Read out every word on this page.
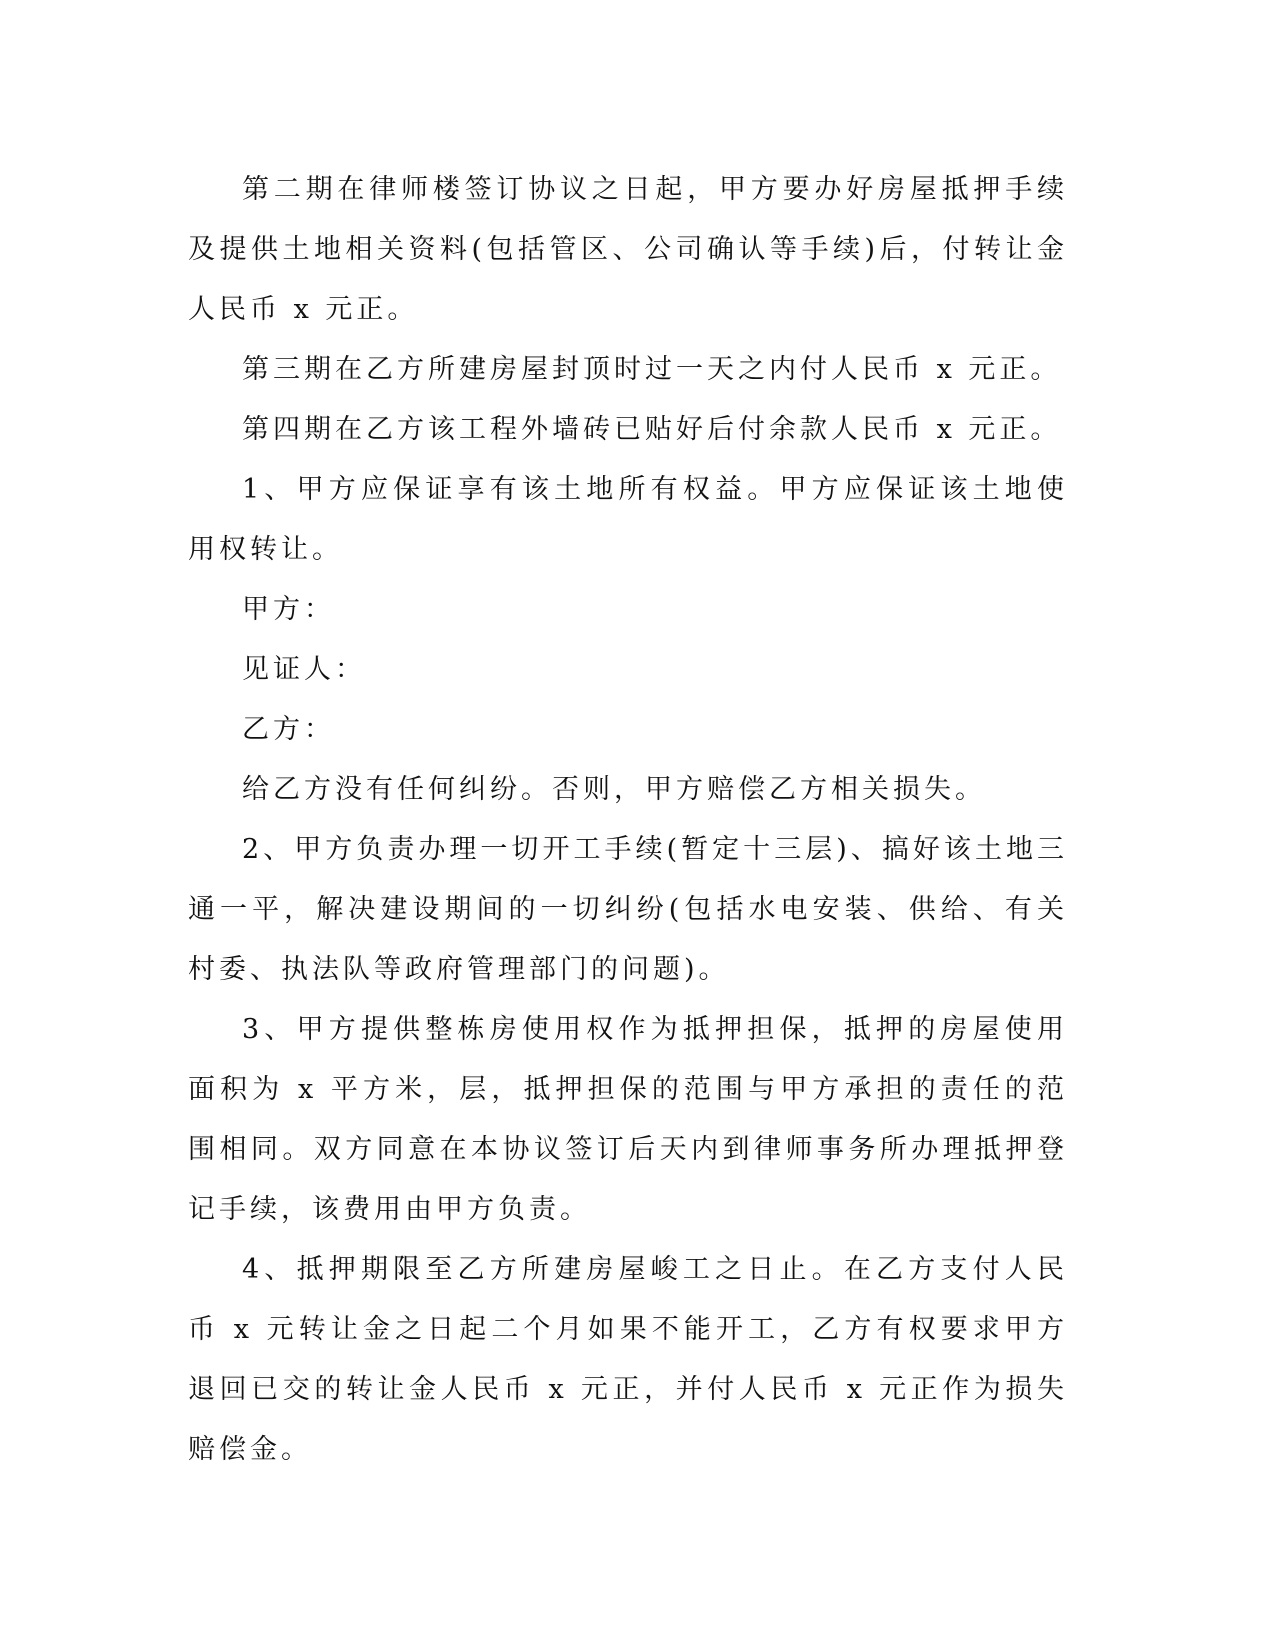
第二期在律师楼签订协议之日起，甲方要办好房屋抵押手续及提供土地相关资料(包括管区、公司确认等手续)后，付转让金人民币 x 元正。

第三期在乙方所建房屋封顶时过一天之内付人民币 x 元正。

第四期在乙方该工程外墙砖已贴好后付余款人民币 x 元正。

1、甲方应保证享有该土地所有权益。甲方应保证该土地使用权转让。

甲方：

见证人：

乙方：

给乙方没有任何纠纷。否则，甲方赔偿乙方相关损失。

2、甲方负责办理一切开工手续(暂定十三层)、搞好该土地三通一平，解决建设期间的一切纠纷(包括水电安装、供给、有关村委、执法队等政府管理部门的问题)。

3、甲方提供整栋房使用权作为抵押担保，抵押的房屋使用面积为 x 平方米，层，抵押担保的范围与甲方承担的责任的范围相同。双方同意在本协议签订后天内到律师事务所办理抵押登记手续，该费用由甲方负责。

4、抵押期限至乙方所建房屋峻工之日止。在乙方支付人民币 x 元转让金之日起二个月如果不能开工，乙方有权要求甲方退回已交的转让金人民币 x 元正，并付人民币 x 元正作为损失赔偿金。
